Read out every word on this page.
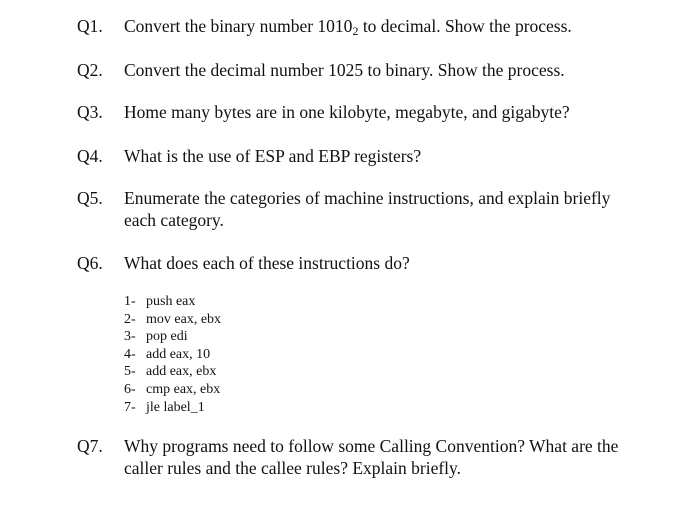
Q1. Convert the binary number $1010_2$ to decimal. Show the process.
Q2. Convert the decimal number 1025 to binary. Show the process.
Q3. Home many bytes are in one kilobyte, megabyte, and gigabyte?
Q4. What is the use of ESP and EBP registers?
Q5. Enumerate the categories of machine instructions, and explain briefly
each category.
Q6. What does each of these instructions do?
1- push eax
2- mov eax, ebx
3- pop edi
4- add eax, 10
5- add eax, ebx
6- cmp eax, ebx
7- jle label_1
Q7. Why programs need to follow some Calling Convention? What are the
caller rules and the callee rules? Explain briefly.
